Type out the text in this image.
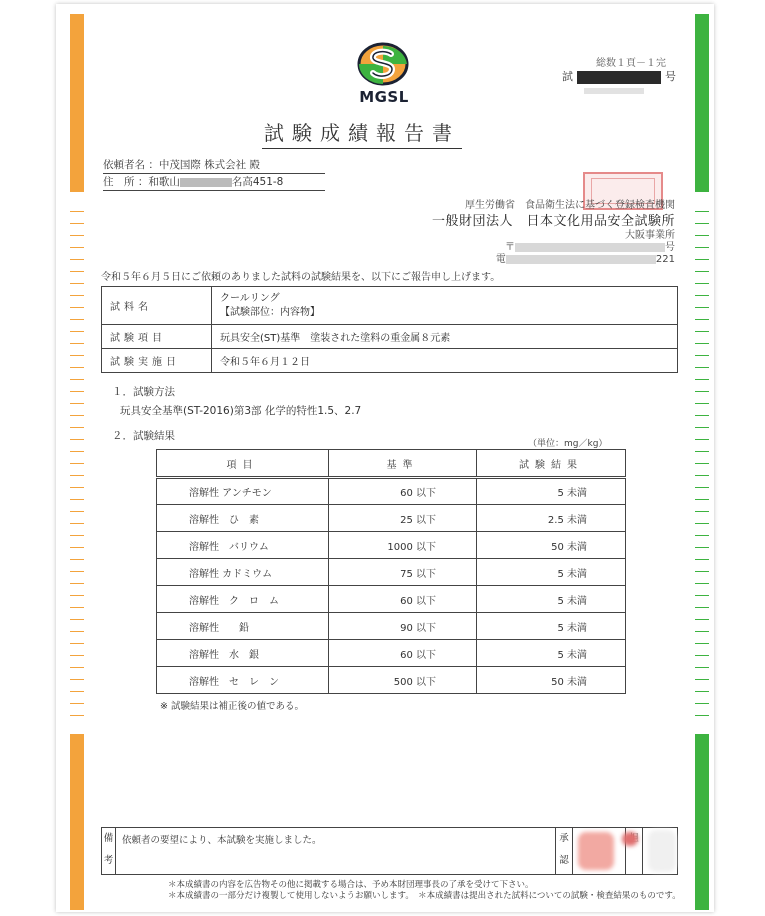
MGSL
総数１頁－１完
試	号
試験成績報告書
依頼者名 ：中茂国際 株式会社 殿
住　所 ：和歌山	名高451-8
厚生労働省　食品衛生法に基づく登録検査機関
一般財団法人　日本文化用品安全試験所
大阪事業所
〒	号
電	221
令和５年６月５日にご依頼のありました試料の試験結果を、以下にご報告申し上げます。
試料名	クールリング
【試験部位：内容物】

試験項目	玩具安全(ST)基準　塗装された塗料の重金属８元素

試験実施日	令和５年６月１２日
１．試験方法
玩具安全基準(ST-2016)第3部 化学的特性1.5、2.7
２．試験結果
（単位：mg／kg）
項目	基準	試験結果
溶解性 アンチモン	60 以下	5 未満
溶解性　ひ　素	25 以下	2.5 未満
溶解性　バリウム	1000 以下	50 未満
溶解性 カドミウム	75 以下	5 未満
溶解性　ク　ロ　ム	60 以下	5 未満
溶解性　　鉛	90 以下	5 未満
溶解性　水　銀	60 以下	5 未満
溶解性　セ　レ　ン	500 以下	50 未満
※ 試験結果は補正後の値である。
備考
依頼者の要望により、本試験を実施しました。	承認
＊本成績書の内容を広告物その他に掲載する場合は、予め本財団理事長の了承を受けて下さい。
＊本成績書の一部分だけ複製して使用しないようお願いします。　＊本成績書は提出された試料についての試験・検査結果のものです。
